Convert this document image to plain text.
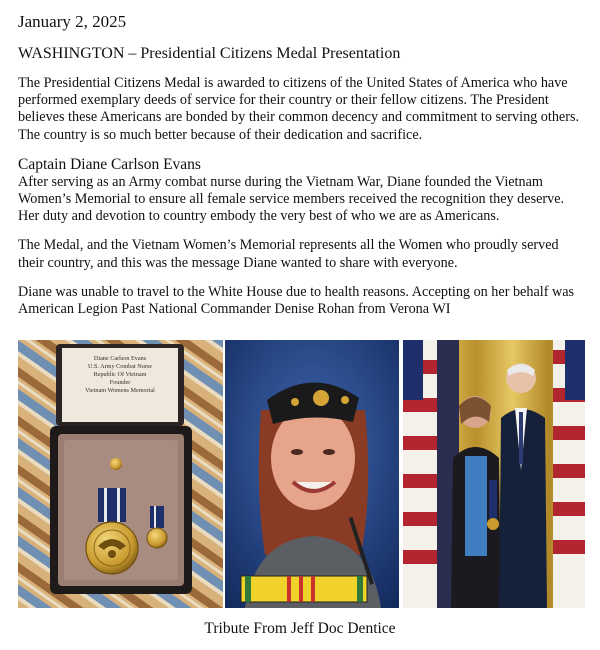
January 2, 2025
WASHINGTON – Presidential Citizens Medal Presentation

The Presidential Citizens Medal is awarded to citizens of the United States of America who have performed exemplary deeds of service for their country or their fellow citizens. The President believes these Americans are bonded by their common decency and commitment to serving others. The country is so much better because of their dedication and sacrifice.

Captain Diane Carlson Evans

After serving as an Army combat nurse during the Vietnam War, Diane founded the Vietnam Women’s Memorial to ensure all female service members received the recognition they deserve. Her duty and devotion to country embody the very best of who we are as Americans.

The Medal, and the Vietnam Women’s Memorial represents all the Women who proudly served their country, and this was the message Diane wanted to share with everyone.

Diane was unable to travel to the White House due to health reasons. Accepting on her behalf was American Legion Past National Commander Denise Rohan from Verona WI

Diane Carlson Evans
U.S. Army Combat Nurse
Republic Of Vietnam
Founder
Vietnam Womens Memorial
Tribute From Jeff Doc Dentice
